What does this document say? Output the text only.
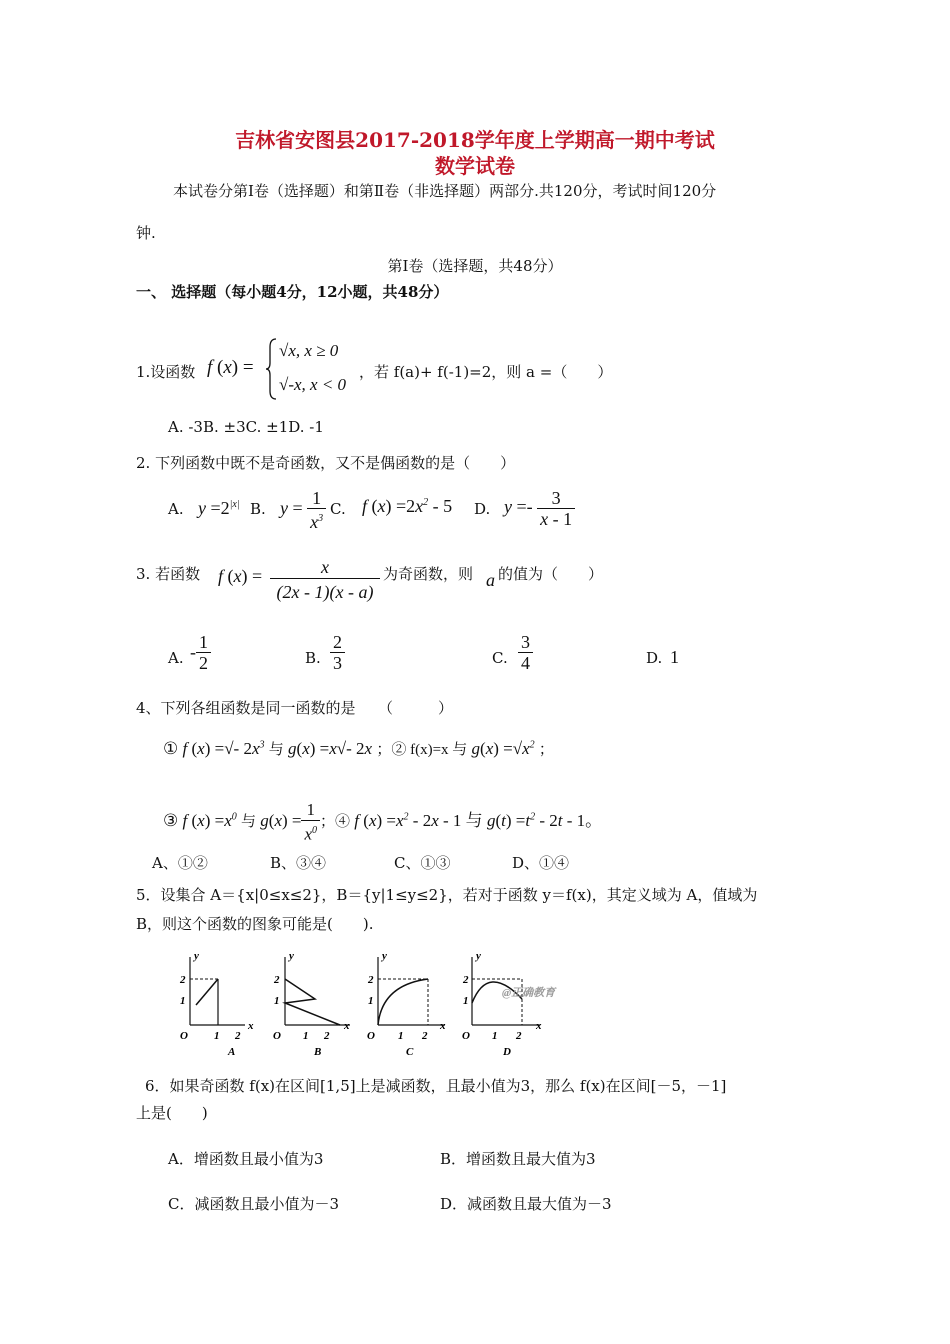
吉林省安图县2017-2018学年度上学期高一期中考试
数学试卷
本试卷分第Ⅰ卷（选择题）和第Ⅱ卷（非选择题）两部分.共120分，考试时间120分
钟.
第Ⅰ卷（选择题，共48分）
一、 选择题（每小题4分，12小题，共48分）
1.设函数 f (x) =
√x, x ≥ 0
√-x, x < 0
，若 f(a)+ f(-1)=2，则 a =（　　）
A. -3B. ±3C. ±1D. -1
2. 下列函数中既不是奇函数，又不是偶函数的是（　　）
A. $y =2^{|x|}$ B. $y = \frac{1}{x^3} C$. f $(x) =2x^2 - 5$ D. $y =- \frac{3}{x - 1}$
3. 若函数 f $(x) = \frac{x}{(2x - 1)(x - a)}$ 为奇函数，则 a 的值为（　　）
A. - $\frac{1}{2}$	B. $\frac{2}{3}$	C. $\frac{3}{4}$	D. 1
4、下列各组函数是同一函数的是　　（　　　）
① f (x) =√- $2x^3$ 与 g(x) =x√- 2x ；② f(x)=x 与 $g(x) =√x^2$ ；
③ f $(x) =x^0$ 与 $g(x) = \frac{1}{x^0}$ ；④ f $(x) =x^2 - 2x - 1$ 与 $g(t) =t^2 - 2t - 1$。
A、①②	B、③④	C、①③	D、①④
5．设集合 A＝{x|0≤x≤2}，B＝{y|1≤y≤2}，若对于函数 y＝f(x)，其定义域为 A，值域为
B，则这个函数的图象可能是(　　).
y
x
O 1 2
2
1
A
y
x
O 1 2
2
1
B
y
x
O 1 2
2
1
C
y
x
O 1 2
2
1
D
@正确教育
6．如果奇函数 f(x)在区间[1,5]上是减函数，且最小值为3，那么 f(x)在区间[－5，－1]
上是(　　)
A．增函数且最小值为3	B．增函数且最大值为3
C．减函数且最小值为－3	D．减函数且最大值为－3
